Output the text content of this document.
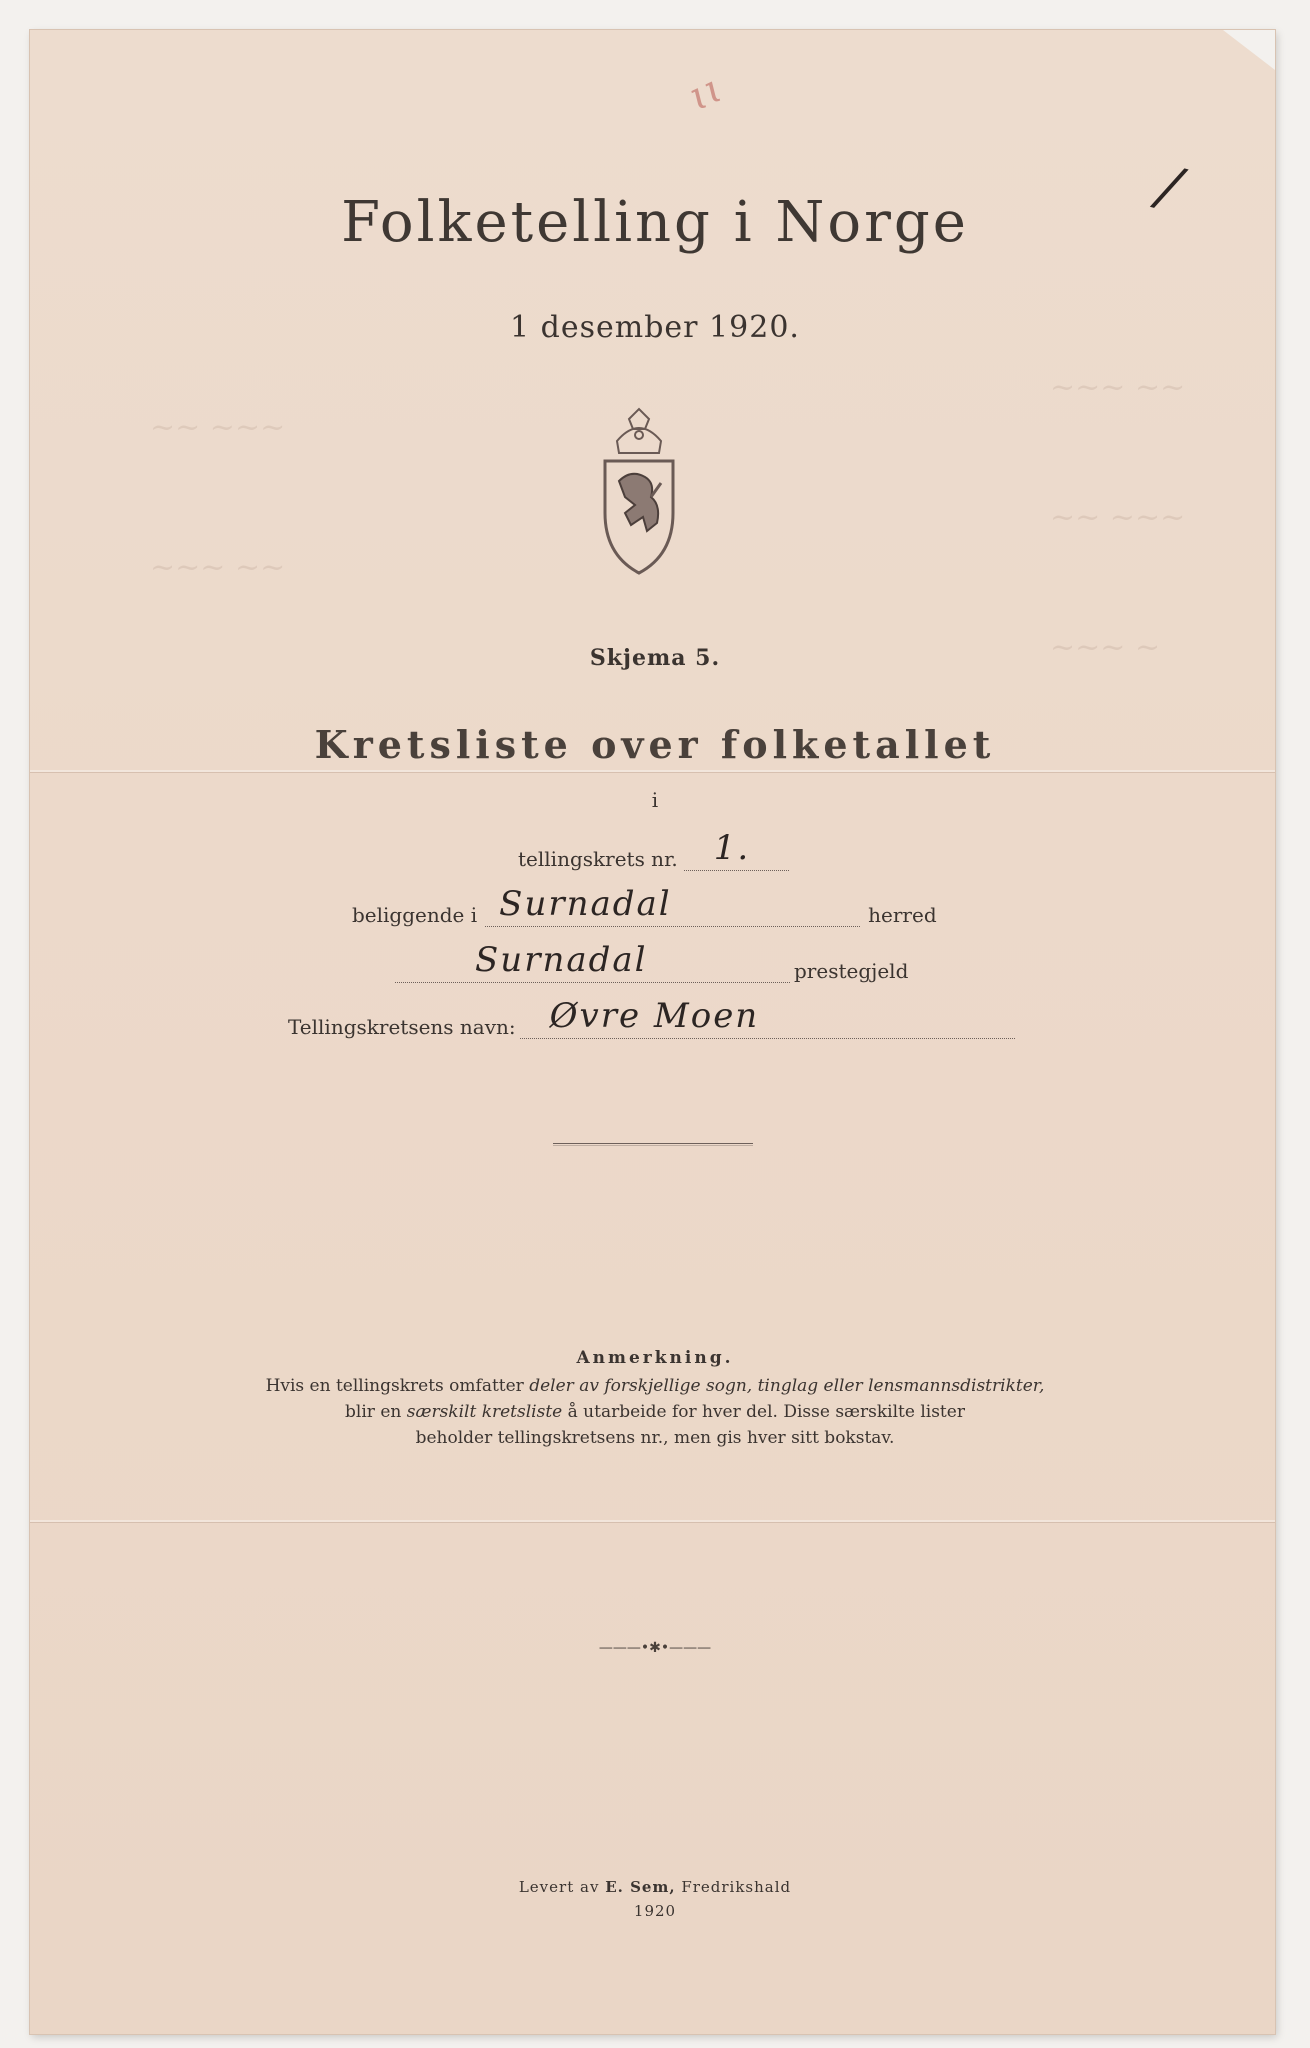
~~~ ~~
~~ ~~~
~~~ ~
~~ ~~~
~~~ ~~
ɩɩ
/
Folketelling i Norge
1 desember 1920.
Skjema 5.
Kretsliste over folketallet
i
tellingskrets nr. 1.
beliggende i Surnadal	herred
Surnadal	prestegjeld
Tellingskretsens navn: Øvre Moen
Anmerkning.
Hvis en tellingskrets omfatter deler av forskjellige sogn, tinglag eller lensmannsdistrikter,
blir en særskilt kretsliste å utarbeide for hver del. Disse særskilte lister
beholder tellingskretsens nr., men gis hver sitt bokstav.
———•✱•———
Levert av E. Sem, Fredrikshald
1920
